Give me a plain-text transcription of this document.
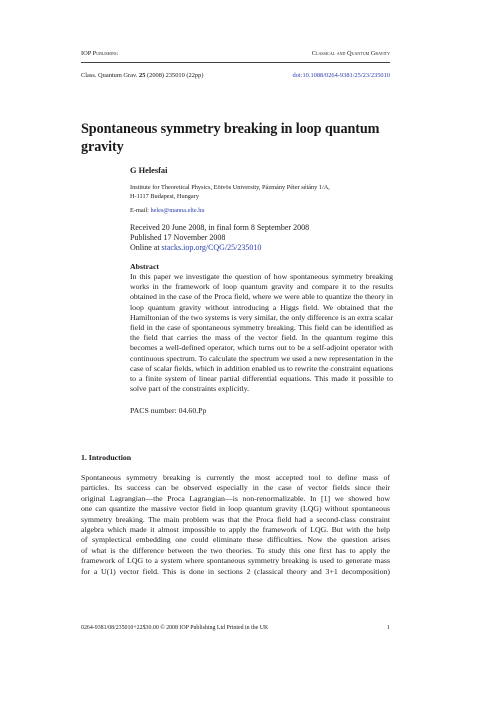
IOP Publishing	Classical and Quantum Gravity
Class. Quantum Grav. 25 (2008) 235010 (22pp)	doi:10.1088/0264-9381/25/23/235010
Spontaneous symmetry breaking in loop quantum gravity
G Helesfai
Institute for Theoretical Physics, Eötvös University, Pázmány Péter sétány 1/A,
H-1117 Budapest, Hungary
E-mail: heles@manna.elte.hu
Received 20 June 2008, in final form 8 September 2008
Published 17 November 2008
Online at stacks.iop.org/CQG/25/235010
Abstract
In this paper we investigate the question of how spontaneous symmetry breaking works in the framework of loop quantum gravity and compare it to the results obtained in the case of the Proca field, where we were able to quantize the theory in loop quantum gravity without introducing a Higgs field. We obtained that the Hamiltonian of the two systems is very similar, the only difference is an extra scalar field in the case of spontaneous symmetry breaking. This field can be identified as the field that carries the mass of the vector field. In the quantum regime this becomes a well-defined operator, which turns out to be a self-adjoint operator with continuous spectrum. To calculate the spectrum we used a new representation in the case of scalar fields, which in addition enabled us to rewrite the constraint equations to a finite system of linear partial differential equations. This made it possible to solve part of the constraints explicitly.
PACS number: 04.60.Pp
1. Introduction
Spontaneous symmetry breaking is currently the most accepted tool to define mass of
particles. Its success can be observed especially in the case of vector fields since their
original Lagrangian—the Proca Lagrangian—is non-renormalizable. In [1] we showed how
one can quantize the massive vector field in loop quantum gravity (LQG) without spontaneous
symmetry breaking. The main problem was that the Proca field had a second-class constraint
algebra which made it almost impossible to apply the framework of LQG. But with the help
of symplectical embedding one could eliminate these difficulties. Now the question arises
of what is the difference between the two theories. To study this one first has to apply the
framework of LQG to a system where spontaneous symmetry breaking is used to generate mass
for a U(1) vector field. This is done in sections 2 (classical theory and 3+1 decomposition)
0264-9381/08/235010+22$30.00 © 2008 IOP Publishing Ltd Printed in the UK	1
